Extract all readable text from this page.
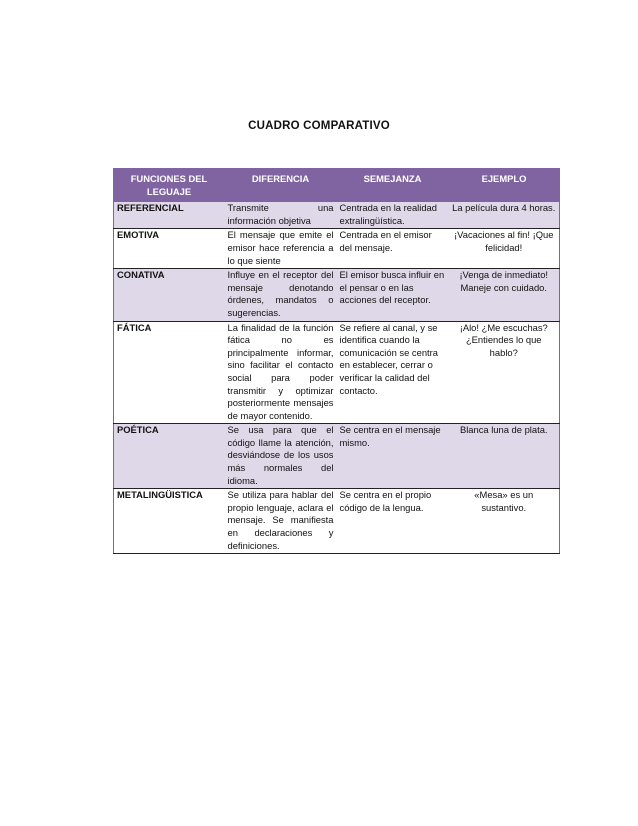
CUADRO COMPARATIVO
FUNCIONES DEL LEGUAJE	DIFERENCIA	SEMEJANZA	EJEMPLO
REFERENCIAL	Transmite una información objetiva	Centrada en la realidad extralingüística.	La película dura 4 horas.
EMOTIVA	El mensaje que emite el emisor hace referencia a lo que siente	Centrada en el emisor del mensaje.	¡Vacaciones al fin! ¡Que felicidad!
CONATIVA	Influye en el receptor del mensaje denotando órdenes, mandatos o sugerencias.	El emisor busca influir en el pensar o en las acciones del receptor.	¡Venga de inmediato! Maneje con cuidado.
FÁTICA	La finalidad de la función fática no es principalmente informar, sino facilitar el contacto social para poder transmitir y optimizar posteriormente mensajes de mayor contenido.	Se refiere al canal, y se identifica cuando la comunicación se centra en establecer, cerrar o verificar la calidad del contacto.	¡Alo! ¿Me escuchas? ¿Entiendes lo que hablo?
POÉTICA	Se usa para que el código llame la atención, desviándose de los usos más normales del idioma.	Se centra en el mensaje mismo.	Blanca luna de plata.
METALINGÜISTICA	Se utiliza para hablar del propio lenguaje, aclara el mensaje. Se manifiesta en declaraciones y definiciones.	Se centra en el propio código de la lengua.	«Mesa» es un sustantivo.
